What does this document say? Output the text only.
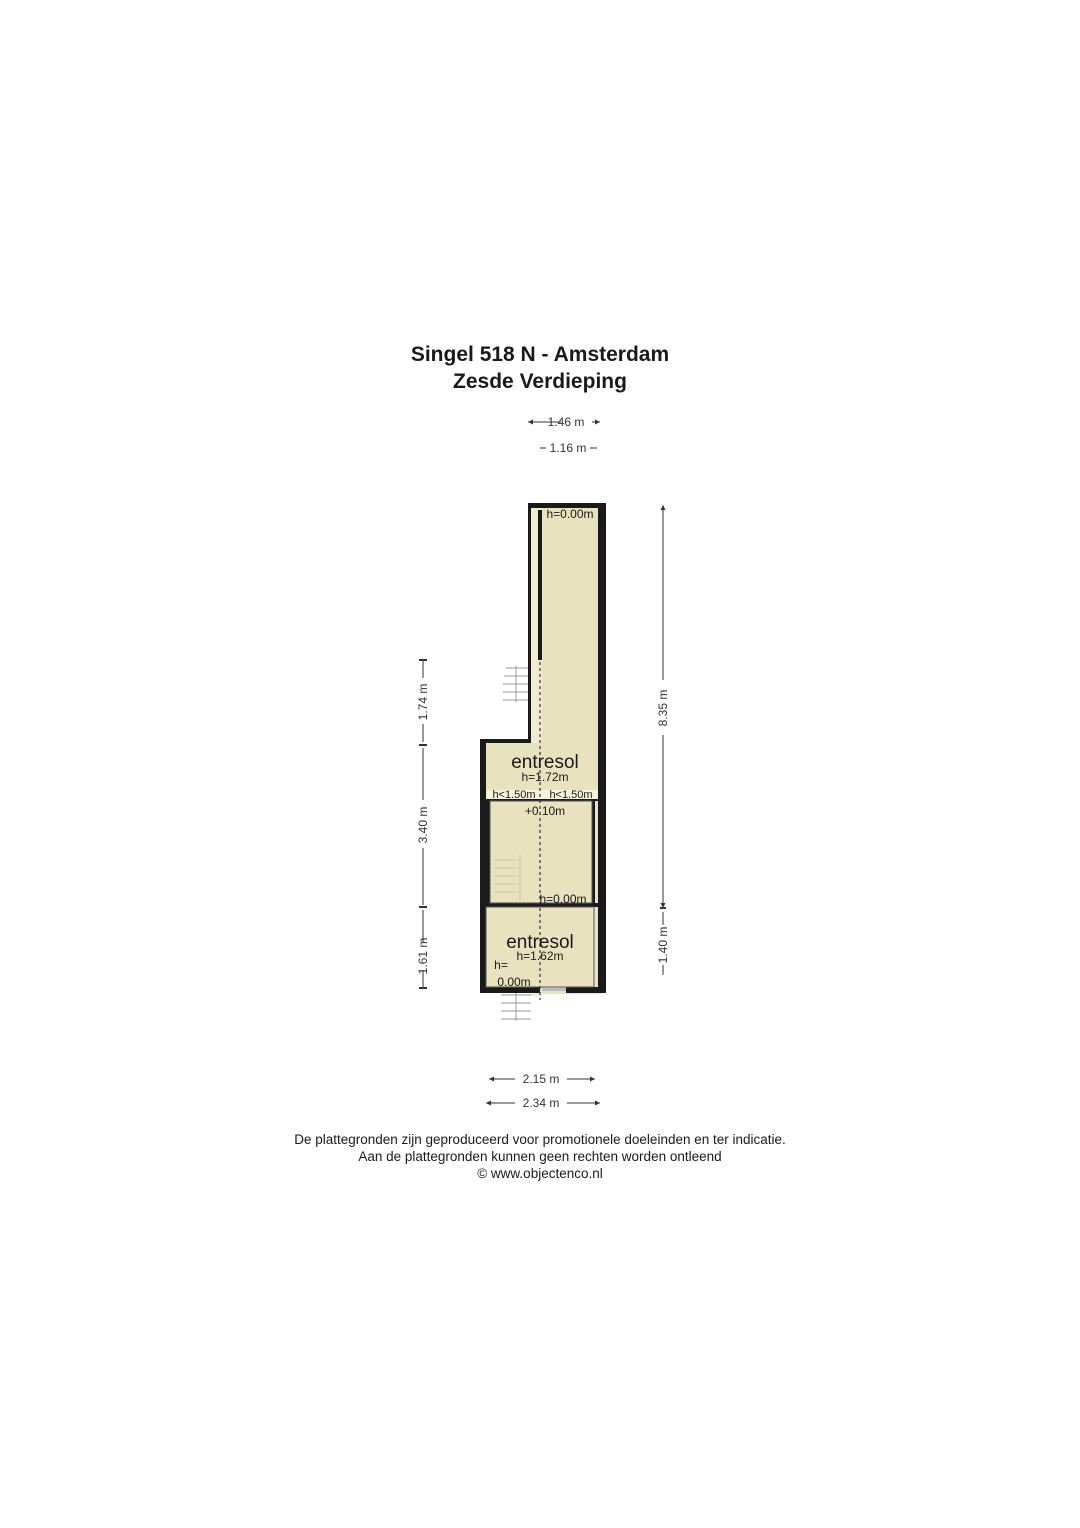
Singel 518 N - Amsterdam
Zesde Verdieping
h=0.00m
entresol
h=1.72m
h<1.50m h<1.50m
+0.10m
h=0.00m
entresol
h=1.62m
h=
0.00m
1.46 m
1.16 m
2.15 m
2.34 m
8.35 m
1.40 m
1.74 m
3.40 m
1.61 m
De plattegronden zijn geproduceerd voor promotionele doeleinden en ter indicatie.
Aan de plattegronden kunnen geen rechten worden ontleend
© www.objectenco.nl
